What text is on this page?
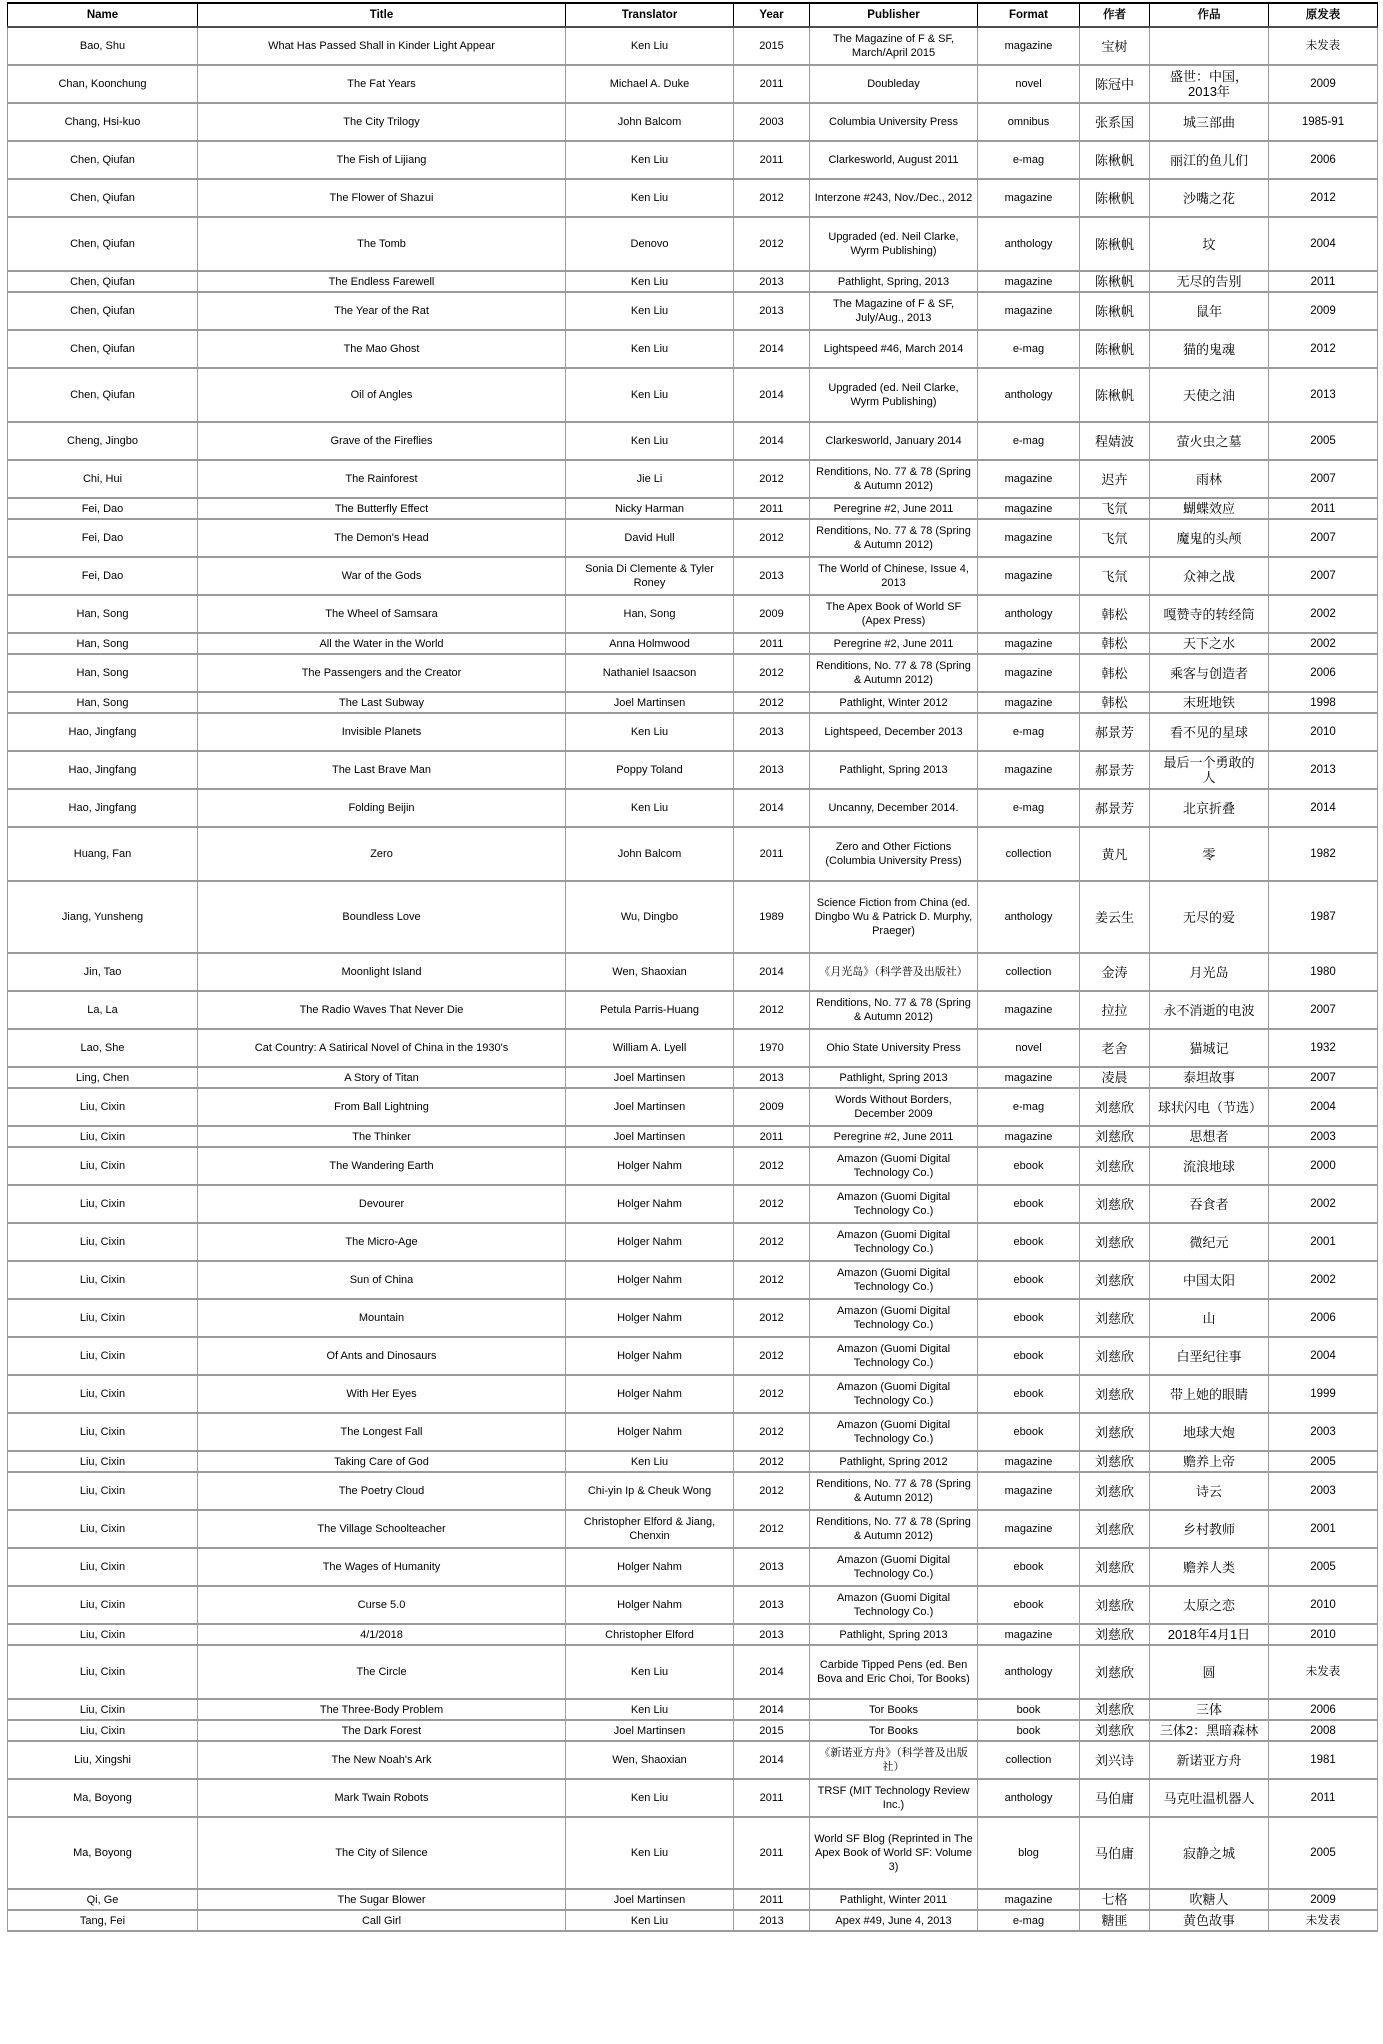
Name	Title	Translator	Year	Publisher	Format	作者	作品	原发表
Bao, Shu	What Has Passed Shall in Kinder Light Appear	Ken Liu	2015	The Magazine of F & SF, March/April 2015	magazine	宝树		未发表
Chan, Koonchung	The Fat Years	Michael A. Duke	2011	Doubleday	novel	陈冠中	盛世：中国，2013年	2009
Chang, Hsi-kuo	The City Trilogy	John Balcom	2003	Columbia University Press	omnibus	张系国	城三部曲	1985-91
Chen, Qiufan	The Fish of Lijiang	Ken Liu	2011	Clarkesworld, August 2011	e-mag	陈楸帆	丽江的鱼儿们	2006
Chen, Qiufan	The Flower of Shazui	Ken Liu	2012	Interzone #243, Nov./Dec., 2012	magazine	陈楸帆	沙嘴之花	2012
Chen, Qiufan	The Tomb	Denovo	2012	Upgraded (ed. Neil Clarke, Wyrm Publishing)	anthology	陈楸帆	坟	2004
Chen, Qiufan	The Endless Farewell	Ken Liu	2013	Pathlight, Spring, 2013	magazine	陈楸帆	无尽的告别	2011
Chen, Qiufan	The Year of the Rat	Ken Liu	2013	The Magazine of F & SF, July/Aug., 2013	magazine	陈楸帆	鼠年	2009
Chen, Qiufan	The Mao Ghost	Ken Liu	2014	Lightspeed #46, March 2014	e-mag	陈楸帆	猫的鬼魂	2012
Chen, Qiufan	Oil of Angles	Ken Liu	2014	Upgraded (ed. Neil Clarke, Wyrm Publishing)	anthology	陈楸帆	天使之油	2013
Cheng, Jingbo	Grave of the Fireflies	Ken Liu	2014	Clarkesworld, January 2014	e-mag	程婧波	萤火虫之墓	2005
Chi, Hui	The Rainforest	Jie Li	2012	Renditions, No. 77 & 78 (Spring & Autumn 2012)	magazine	迟卉	雨林	2007
Fei, Dao	The Butterfly Effect	Nicky Harman	2011	Peregrine #2, June 2011	magazine	飞氘	蝴蝶效应	2011
Fei, Dao	The Demon's Head	David Hull	2012	Renditions, No. 77 & 78 (Spring & Autumn 2012)	magazine	飞氘	魔鬼的头颅	2007
Fei, Dao	War of the Gods	Sonia Di Clemente & Tyler Roney	2013	The World of Chinese, Issue 4, 2013	magazine	飞氘	众神之战	2007
Han, Song	The Wheel of Samsara	Han, Song	2009	The Apex Book of World SF (Apex Press)	anthology	韩松	嘎赞寺的转经筒	2002
Han, Song	All the Water in the World	Anna Holmwood	2011	Peregrine #2, June 2011	magazine	韩松	天下之水	2002
Han, Song	The Passengers and the Creator	Nathaniel Isaacson	2012	Renditions, No. 77 & 78 (Spring & Autumn 2012)	magazine	韩松	乘客与创造者	2006
Han, Song	The Last Subway	Joel Martinsen	2012	Pathlight, Winter 2012	magazine	韩松	末班地铁	1998
Hao, Jingfang	Invisible Planets	Ken Liu	2013	Lightspeed, December 2013	e-mag	郝景芳	看不见的星球	2010
Hao, Jingfang	The Last Brave Man	Poppy Toland	2013	Pathlight, Spring 2013	magazine	郝景芳	最后一个勇敢的人	2013
Hao, Jingfang	Folding Beijin	Ken Liu	2014	Uncanny, December 2014.	e-mag	郝景芳	北京折叠	2014
Huang, Fan	Zero	John Balcom	2011	Zero and Other Fictions (Columbia University Press)	collection	黄凡	零	1982
Jiang, Yunsheng	Boundless Love	Wu, Dingbo	1989	Science Fiction from China (ed. Dingbo Wu & Patrick D. Murphy, Praeger)	anthology	姜云生	无尽的爱	1987
Jin, Tao	Moonlight Island	Wen, Shaoxian	2014	《月光岛》（科学普及出版社）	collection	金涛	月光岛	1980
La, La	The Radio Waves That Never Die	Petula Parris-Huang	2012	Renditions, No. 77 & 78 (Spring & Autumn 2012)	magazine	拉拉	永不消逝的电波	2007
Lao, She	Cat Country: A Satirical Novel of China in the 1930's	William A. Lyell	1970	Ohio State University Press	novel	老舍	猫城记	1932
Ling, Chen	A Story of Titan	Joel Martinsen	2013	Pathlight, Spring 2013	magazine	凌晨	泰坦故事	2007
Liu, Cixin	From Ball Lightning	Joel Martinsen	2009	Words Without Borders, December 2009	e-mag	刘慈欣	球状闪电（节选）	2004
Liu, Cixin	The Thinker	Joel Martinsen	2011	Peregrine #2, June 2011	magazine	刘慈欣	思想者	2003
Liu, Cixin	The Wandering Earth	Holger Nahm	2012	Amazon (Guomi Digital Technology Co.)	ebook	刘慈欣	流浪地球	2000
Liu, Cixin	Devourer	Holger Nahm	2012	Amazon (Guomi Digital Technology Co.)	ebook	刘慈欣	吞食者	2002
Liu, Cixin	The Micro-Age	Holger Nahm	2012	Amazon (Guomi Digital Technology Co.)	ebook	刘慈欣	微纪元	2001
Liu, Cixin	Sun of China	Holger Nahm	2012	Amazon (Guomi Digital Technology Co.)	ebook	刘慈欣	中国太阳	2002
Liu, Cixin	Mountain	Holger Nahm	2012	Amazon (Guomi Digital Technology Co.)	ebook	刘慈欣	山	2006
Liu, Cixin	Of Ants and Dinosaurs	Holger Nahm	2012	Amazon (Guomi Digital Technology Co.)	ebook	刘慈欣	白垩纪往事	2004
Liu, Cixin	With Her Eyes	Holger Nahm	2012	Amazon (Guomi Digital Technology Co.)	ebook	刘慈欣	带上她的眼睛	1999
Liu, Cixin	The Longest Fall	Holger Nahm	2012	Amazon (Guomi Digital Technology Co.)	ebook	刘慈欣	地球大炮	2003
Liu, Cixin	Taking Care of God	Ken Liu	2012	Pathlight, Spring 2012	magazine	刘慈欣	赡养上帝	2005
Liu, Cixin	The Poetry Cloud	Chi-yin Ip & Cheuk Wong	2012	Renditions, No. 77 & 78 (Spring & Autumn 2012)	magazine	刘慈欣	诗云	2003
Liu, Cixin	The Village Schoolteacher	Christopher Elford & Jiang, Chenxin	2012	Renditions, No. 77 & 78 (Spring & Autumn 2012)	magazine	刘慈欣	乡村教师	2001
Liu, Cixin	The Wages of Humanity	Holger Nahm	2013	Amazon (Guomi Digital Technology Co.)	ebook	刘慈欣	赡养人类	2005
Liu, Cixin	Curse 5.0	Holger Nahm	2013	Amazon (Guomi Digital Technology Co.)	ebook	刘慈欣	太原之恋	2010
Liu, Cixin	4/1/2018	Christopher Elford	2013	Pathlight, Spring 2013	magazine	刘慈欣	2018年4月1日	2010
Liu, Cixin	The Circle	Ken Liu	2014	Carbide Tipped Pens (ed. Ben Bova and Eric Choi, Tor Books)	anthology	刘慈欣	圆	未发表
Liu, Cixin	The Three-Body Problem	Ken Liu	2014	Tor Books	book	刘慈欣	三体	2006
Liu, Cixin	The Dark Forest	Joel Martinsen	2015	Tor Books	book	刘慈欣	三体2：黑暗森林	2008
Liu, Xingshi	The New Noah's Ark	Wen, Shaoxian	2014	《新诺亚方舟》（科学普及出版社）	collection	刘兴诗	新诺亚方舟	1981
Ma, Boyong	Mark Twain Robots	Ken Liu	2011	TRSF (MIT Technology Review Inc.)	anthology	马伯庸	马克吐温机器人	2011
Ma, Boyong	The City of Silence	Ken Liu	2011	World SF Blog (Reprinted in The Apex Book of World SF: Volume 3)	blog	马伯庸	寂静之城	2005
Qi, Ge	The Sugar Blower	Joel Martinsen	2011	Pathlight, Winter 2011	magazine	七格	吹糖人	2009
Tang, Fei	Call Girl	Ken Liu	2013	Apex #49, June 4, 2013	e-mag	糖匪	黄色故事	未发表
